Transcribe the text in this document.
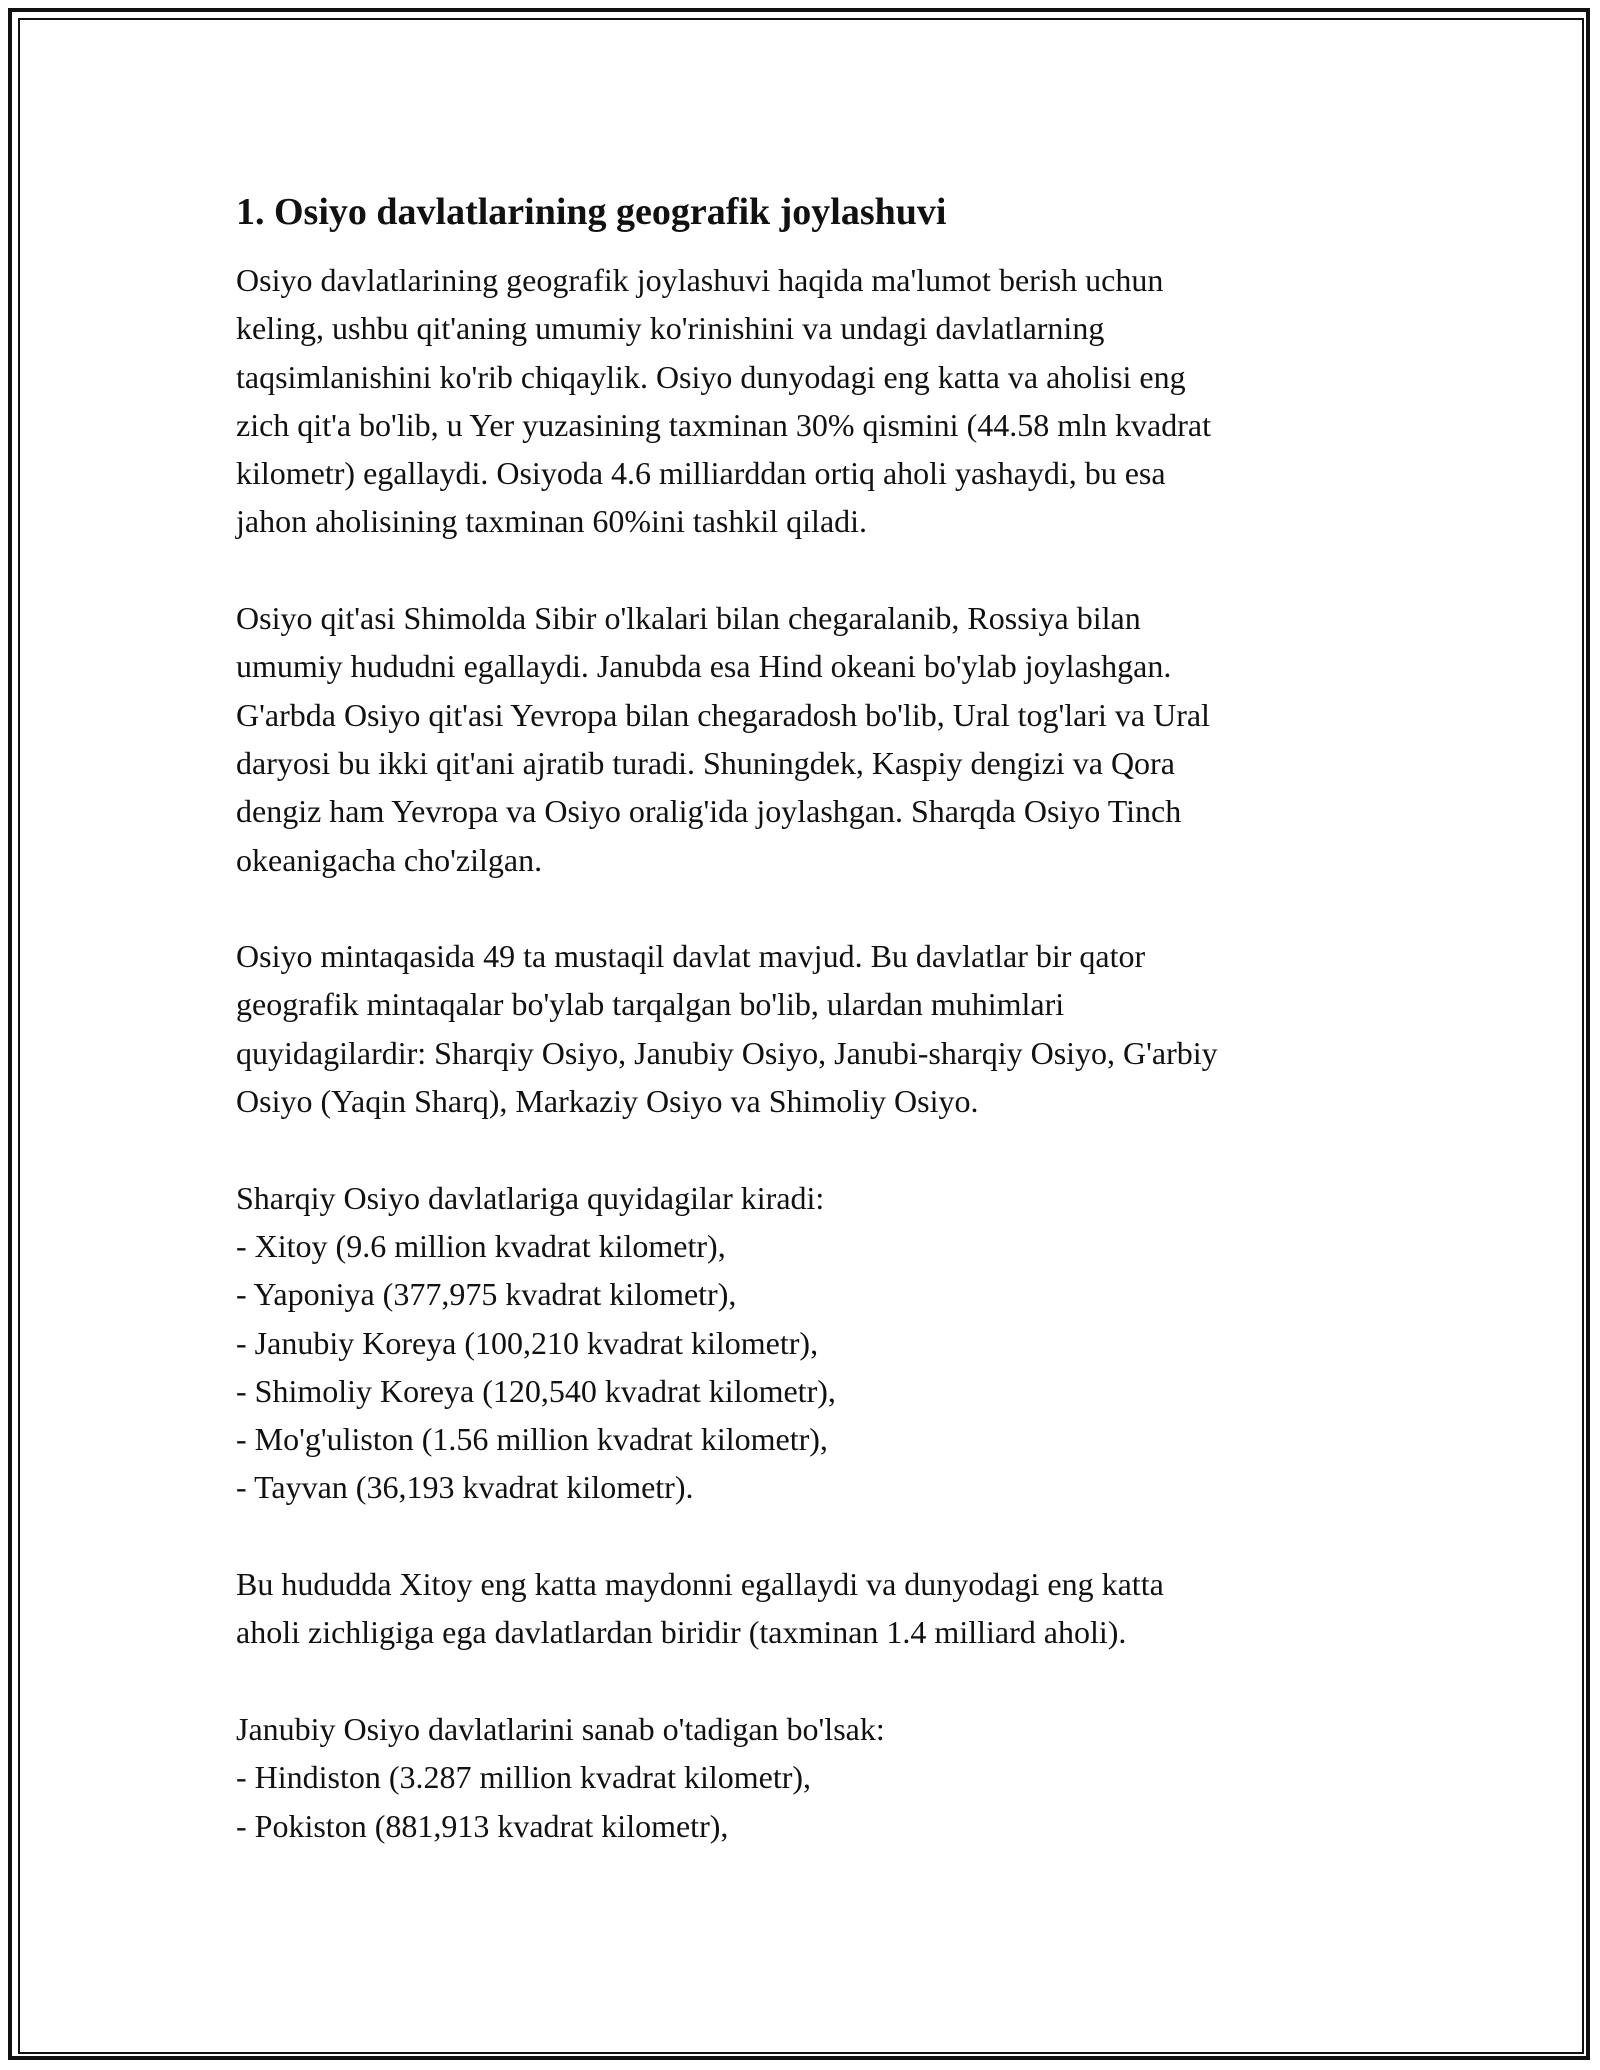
1. Osiyo davlatlarining geografik joylashuvi
Osiyo davlatlarining geografik joylashuvi haqida ma'lumot berish uchun
keling, ushbu qit'aning umumiy ko'rinishini va undagi davlatlarning
taqsimlanishini ko'rib chiqaylik. Osiyo dunyodagi eng katta va aholisi eng
zich qit'a bo'lib, u Yer yuzasining taxminan 30% qismini (44.58 mln kvadrat
kilometr) egallaydi. Osiyoda 4.6 milliarddan ortiq aholi yashaydi, bu esa
jahon aholisining taxminan 60%ini tashkil qiladi.
Osiyo qit'asi Shimolda Sibir o'lkalari bilan chegaralanib, Rossiya bilan
umumiy hududni egallaydi. Janubda esa Hind okeani bo'ylab joylashgan.
G'arbda Osiyo qit'asi Yevropa bilan chegaradosh bo'lib, Ural tog'lari va Ural
daryosi bu ikki qit'ani ajratib turadi. Shuningdek, Kaspiy dengizi va Qora
dengiz ham Yevropa va Osiyo oralig'ida joylashgan. Sharqda Osiyo Tinch
okeanigacha cho'zilgan.
Osiyo mintaqasida 49 ta mustaqil davlat mavjud. Bu davlatlar bir qator
geografik mintaqalar bo'ylab tarqalgan bo'lib, ulardan muhimlari
quyidagilardir: Sharqiy Osiyo, Janubiy Osiyo, Janubi-sharqiy Osiyo, G'arbiy
Osiyo (Yaqin Sharq), Markaziy Osiyo va Shimoliy Osiyo.
Sharqiy Osiyo davlatlariga quyidagilar kiradi:
- Xitoy (9.6 million kvadrat kilometr),
- Yaponiya (377,975 kvadrat kilometr),
- Janubiy Koreya (100,210 kvadrat kilometr),
- Shimoliy Koreya (120,540 kvadrat kilometr),
- Mo'g'uliston (1.56 million kvadrat kilometr),
- Tayvan (36,193 kvadrat kilometr).
Bu hududda Xitoy eng katta maydonni egallaydi va dunyodagi eng katta
aholi zichligiga ega davlatlardan biridir (taxminan 1.4 milliard aholi).
Janubiy Osiyo davlatlarini sanab o'tadigan bo'lsak:
- Hindiston (3.287 million kvadrat kilometr),
- Pokiston (881,913 kvadrat kilometr),
